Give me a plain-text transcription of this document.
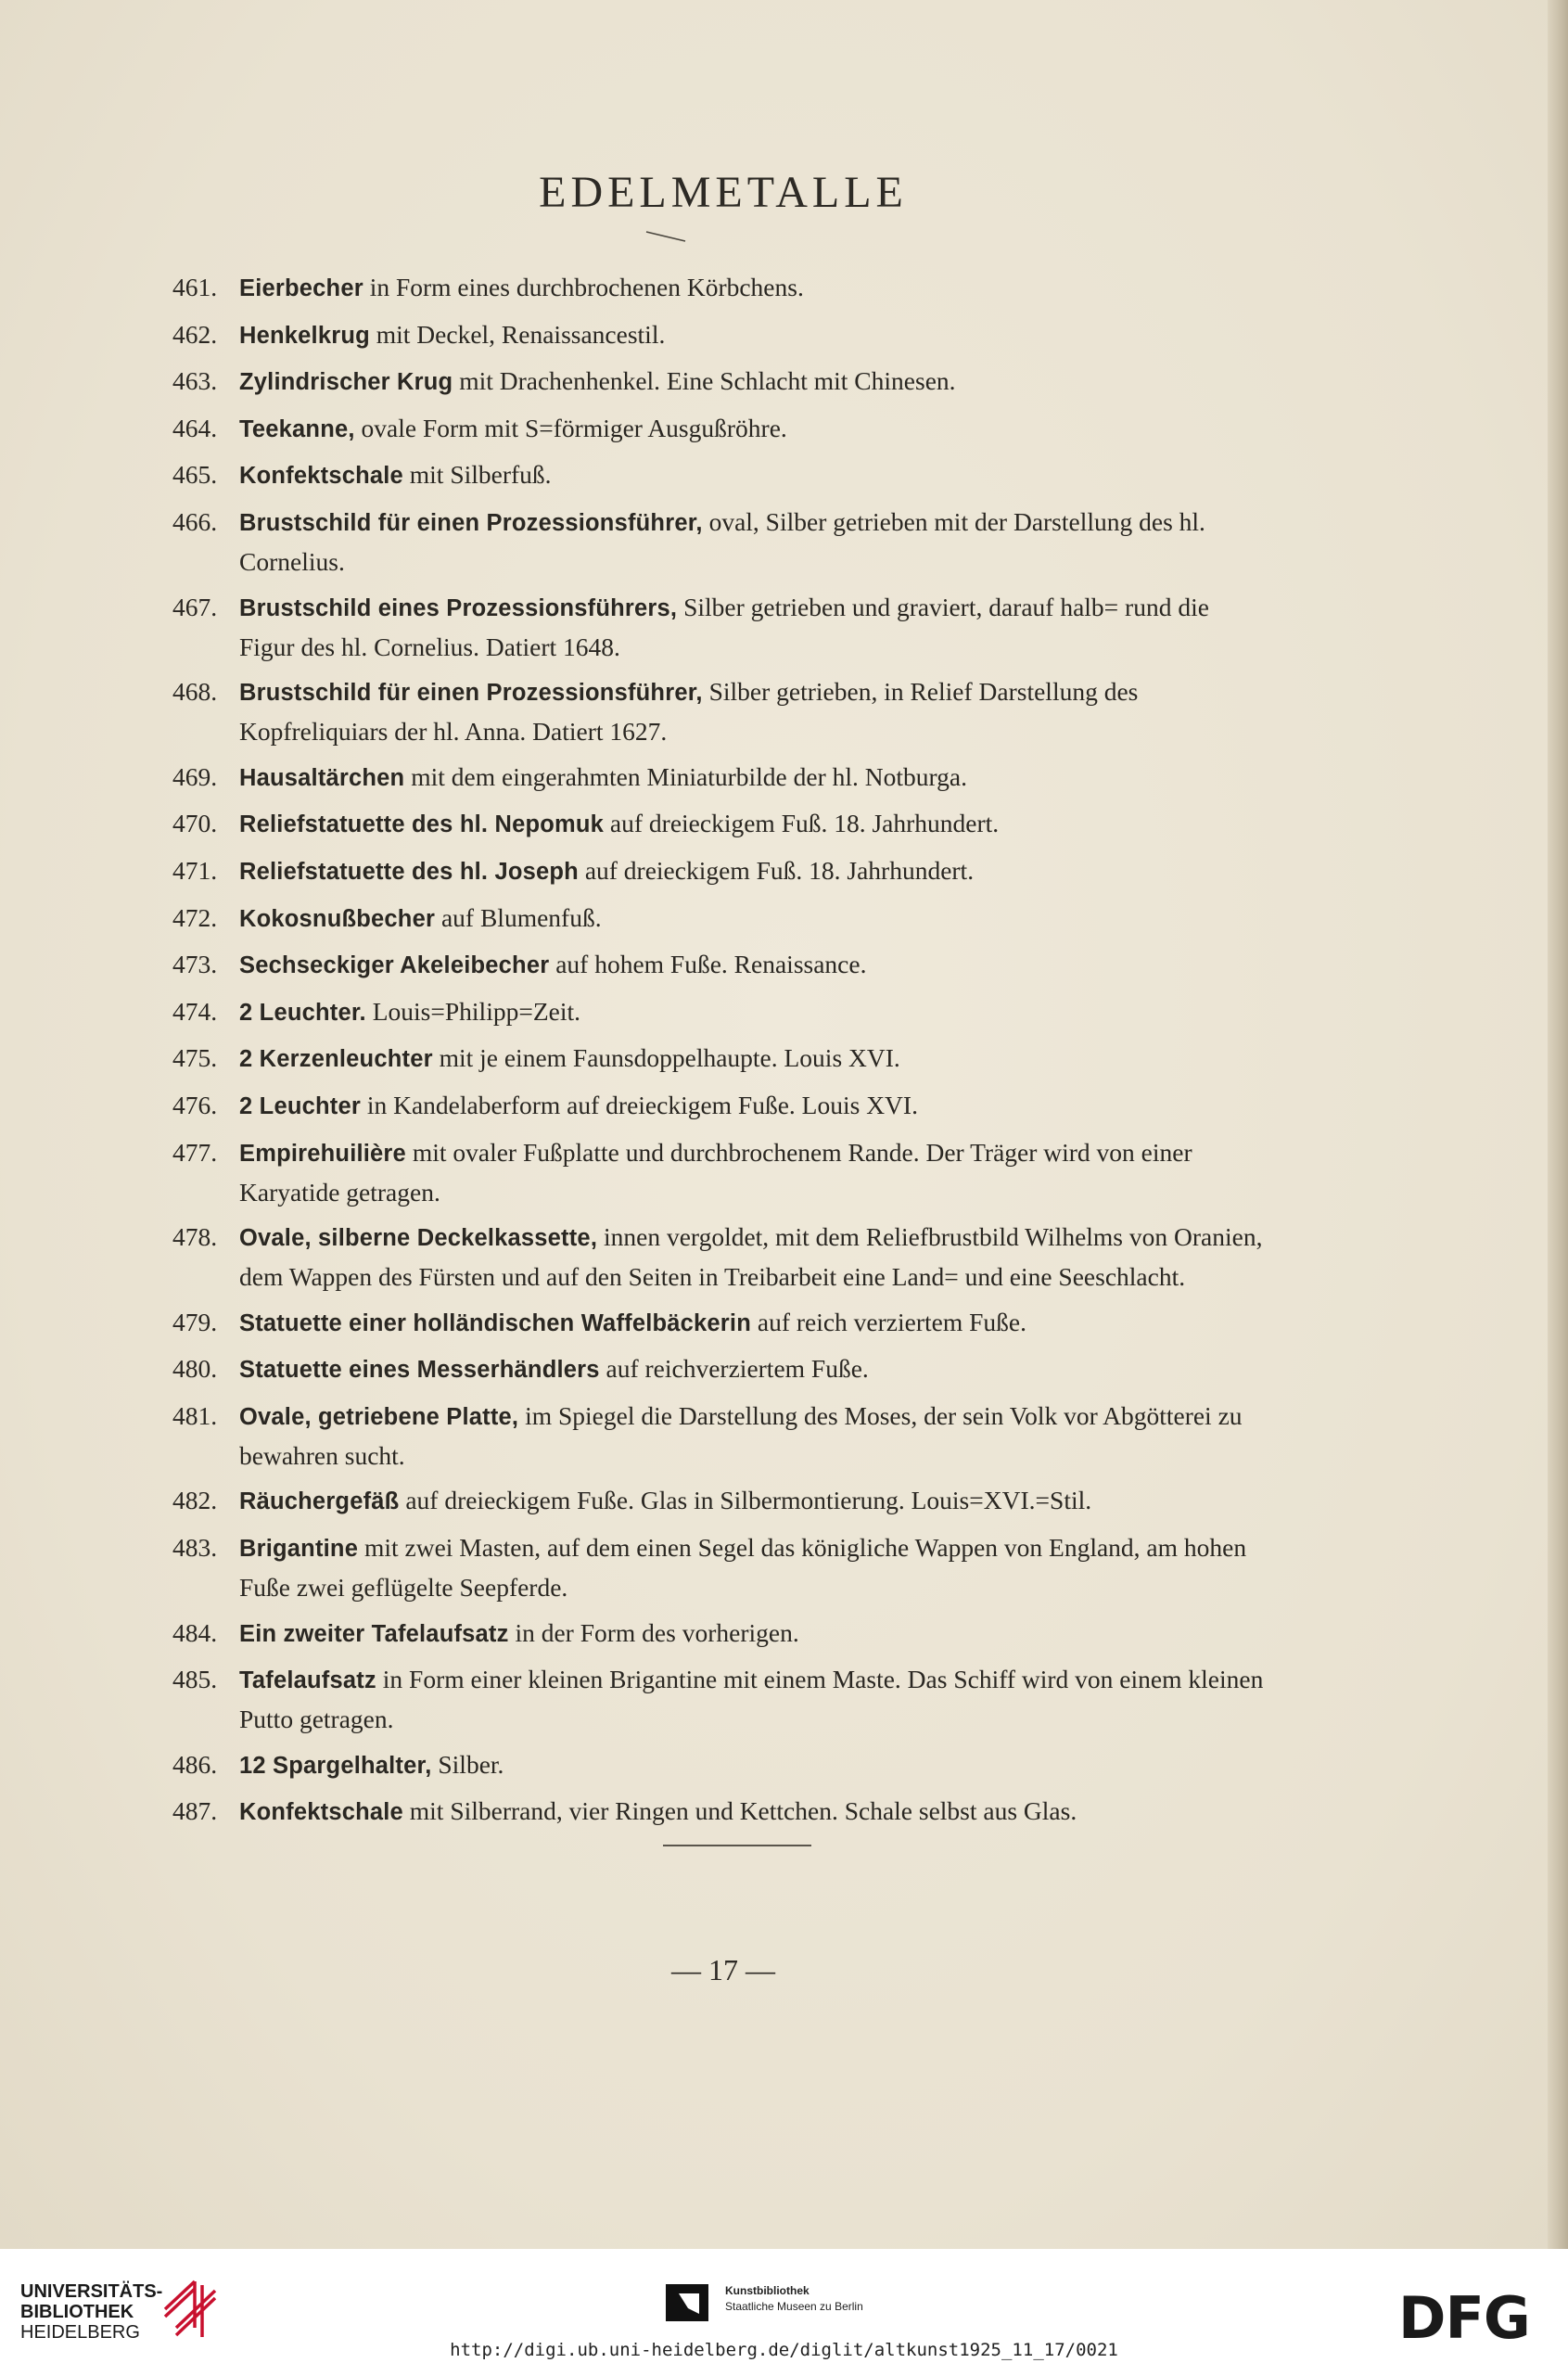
EDELMETALLE
461. Eierbecher in Form eines durchbrochenen Körbchens.
462. Henkelkrug mit Deckel, Renaissancestil.
463. Zylindrischer Krug mit Drachenhenkel. Eine Schlacht mit Chinesen.
464. Teekanne, ovale Form mit S=förmiger Ausgußröhre.
465. Konfektschale mit Silberfuß.
466. Brustschild für einen Prozessionsführer, oval, Silber getrieben mit der Darstellung des hl. Cornelius.
467. Brustschild eines Prozessionsführers, Silber getrieben und graviert, darauf halb= rund die Figur des hl. Cornelius. Datiert 1648.
468. Brustschild für einen Prozessionsführer, Silber getrieben, in Relief Darstellung des Kopfreliquiars der hl. Anna. Datiert 1627.
469. Hausaltärchen mit dem eingerahmten Miniaturbilde der hl. Notburga.
470. Reliefstatuette des hl. Nepomuk auf dreieckigem Fuß. 18. Jahrhundert.
471. Reliefstatuette des hl. Joseph auf dreieckigem Fuß. 18. Jahrhundert.
472. Kokosnußbecher auf Blumenfuß.
473. Sechseckiger Akeleibecher auf hohem Fuße. Renaissance.
474. 2 Leuchter. Louis=Philipp=Zeit.
475. 2 Kerzenleuchter mit je einem Faunsdoppelhaupte. Louis XVI.
476. 2 Leuchter in Kandelaberform auf dreieckigem Fuße. Louis XVI.
477. Empirehuilière mit ovaler Fußplatte und durchbrochenem Rande. Der Träger wird von einer Karyatide getragen.
478. Ovale, silberne Deckelkassette, innen vergoldet, mit dem Reliefbrustbild Wilhelms von Oranien, dem Wappen des Fürsten und auf den Seiten in Treibarbeit eine Land= und eine Seeschlacht.
479. Statuette einer holländischen Waffelbäckerin auf reich verziertem Fuße.
480. Statuette eines Messerhändlers auf reichverziertem Fuße.
481. Ovale, getriebene Platte, im Spiegel die Darstellung des Moses, der sein Volk vor Abgötterei zu bewahren sucht.
482. Räuchergefäß auf dreieckigem Fuße. Glas in Silbermontierung. Louis=XVI.=Stil.
483. Brigantine mit zwei Masten, auf dem einen Segel das königliche Wappen von England, am hohen Fuße zwei geflügelte Seepferde.
484. Ein zweiter Tafelaufsatz in der Form des vorherigen.
485. Tafelaufsatz in Form einer kleinen Brigantine mit einem Maste. Das Schiff wird von einem kleinen Putto getragen.
486. 12 Spargelhalter, Silber.
487. Konfektschale mit Silberrand, vier Ringen und Kettchen. Schale selbst aus Glas.
— 17 —
UNIVERSITÄTS-
BIBLIOTHEK
HEIDELBERG
Kunstbibliothek
Staatliche Museen zu Berlin	DFG
http://digi.ub.uni-heidelberg.de/diglit/altkunst1925_11_17/0021
